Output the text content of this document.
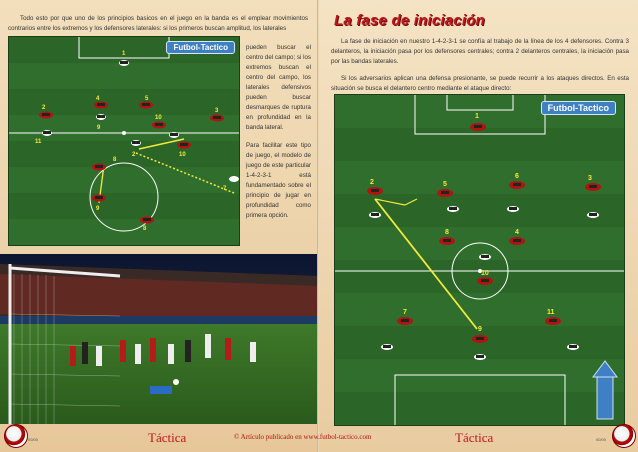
Todo esto por que uno de los principios basicos en el juego en la banda es el emplear movimientos contrarios entre los extremos y los defensores laterales: si los primeros buscan amplitud, los laterales

Futbol-Tactico
1
2
4	5
3
9
11
10
2	10
8
7
9
8

pueden buscar el centro del campo; si los extremos buscan el centro del campo, los laterales defensivos pueden buscar desmarques de ruptura en profundidad en la banda lateral.

Para facilitar este tipo de juego, el modelo de juego de este particular 1-4-2-3-1 está fundamentado sobre el principio de jugar en profundidad como primera opción.

La fase de iniciación

La fase de iniciación en nuestro 1-4-2-3-1 se confía al trabajo de la línea de los 4 defensores. Contra 3 delanteros, la iniciación pasa por los defensores centrales; contra 2 delanteros centrales, la iniciación pasa por las bandas laterales.

Si los adversarios aplican una defensa presionante, se puede recurrir a los ataques directos. En esta situación se busca el delantero centro mediante el ataque directo:

Futbol-Tactico
1
2	5
6	3
8	4
10
7	11
9
00/00	Táctica	© Artículo publicado en www.futbol-tactico.com	Táctica	00/00
